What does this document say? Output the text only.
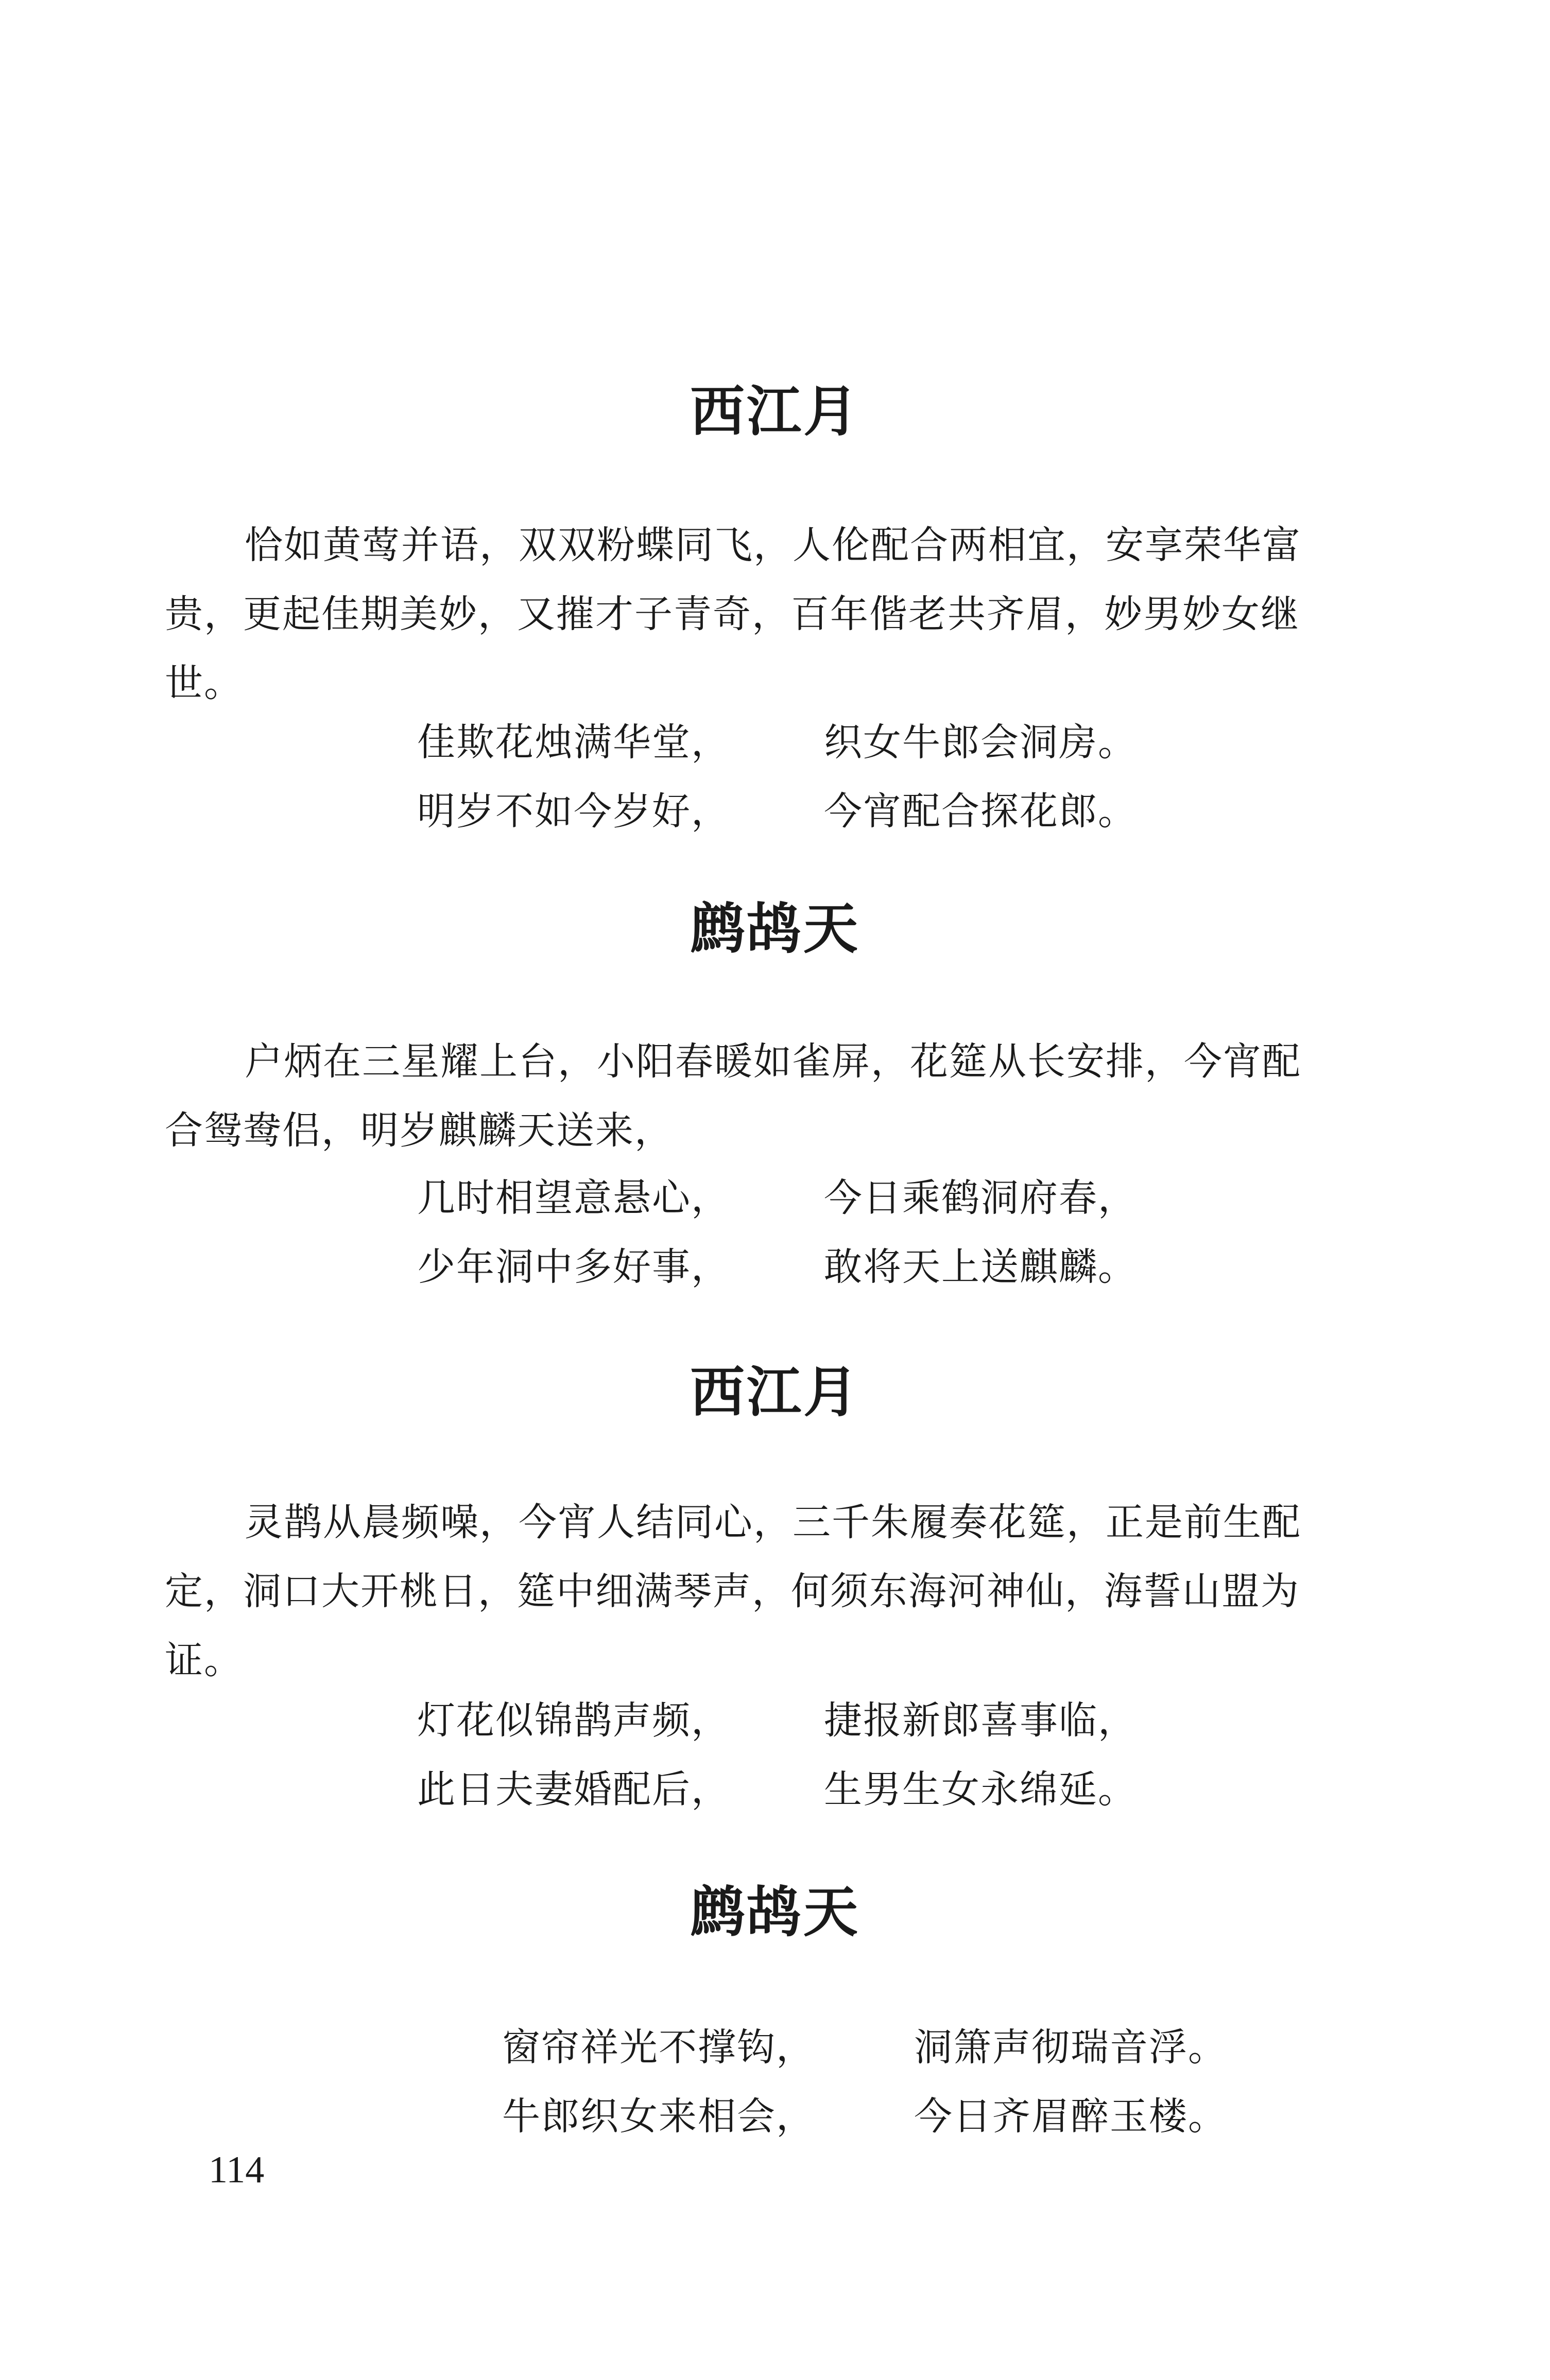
西江月
恰如黄莺并语，双双粉蝶同飞，人伦配合两相宜，安享荣华富
贵，更起佳期美妙，又摧才子青奇，百年偕老共齐眉，妙男妙女继
世。
佳欺花烛满华堂， 织女牛郎会洞房。
明岁不如今岁好， 今宵配合探花郎。
鹧鸪天
户炳在三星耀上台，小阳春暖如雀屏，花筵从长安排，今宵配
合鸳鸯侣，明岁麒麟天送来，
几时相望意悬心， 今日乘鹤洞府春，
少年洞中多好事， 敢将天上送麒麟。
西江月
灵鹊从晨频噪，今宵人结同心，三千朱履奏花筵，正是前生配
定，洞口大开桃日，筵中细满琴声，何须东海河神仙，海誓山盟为
证。
灯花似锦鹊声频， 捷报新郎喜事临，
此日夫妻婚配后， 生男生女永绵延。
鹧鸪天
窗帘祥光不撑钩，	洞箫声彻瑞音浮。
牛郎织女来相会，	今日齐眉醉玉楼。
114
